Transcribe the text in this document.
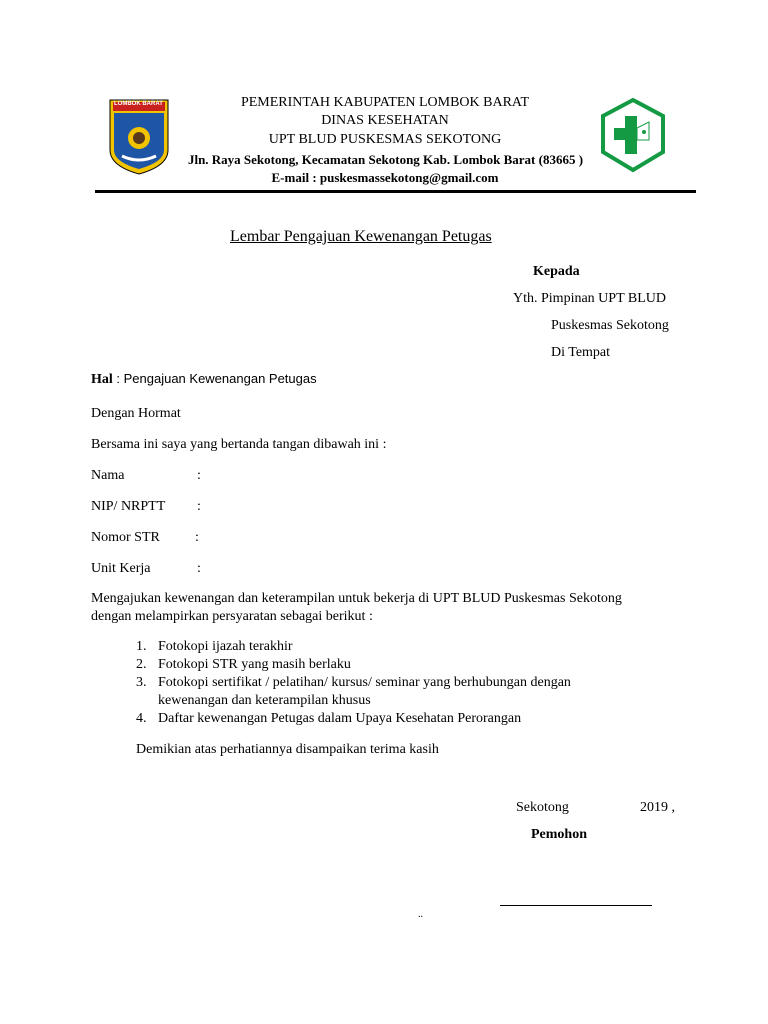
LOMBOK BARAT	PEMERINTAH KABUPATEN LOMBOK BARAT
DINAS KESEHATAN
UPT BLUD PUSKESMAS SEKOTONG
Jln. Raya Sekotong, Kecamatan Sekotong Kab. Lombok Barat (83665 )
E-mail : puskesmassekotong@gmail.com
Lembar Pengajuan Kewenangan Petugas
Kepada
Yth. Pimpinan UPT BLUD
Puskesmas Sekotong
Di Tempat
Hal : Pengajuan Kewenangan Petugas
Dengan Hormat
Bersama ini saya yang bertanda tangan dibawah ini :
Nama	:
NIP/ NRPTT :
Nomor STR	:
Unit Kerja	:
Mengajukan kewenangan dan keterampilan untuk bekerja di UPT BLUD Puskesmas Sekotong
dengan melampirkan persyaratan sebagai berikut :
1. Fotokopi ijazah terakhir
2. Fotokopi STR yang masih berlaku
3. Fotokopi sertifikat / pelatihan/ kursus/ seminar yang berhubungan dengan
kewenangan dan keterampilan khusus
4. Daftar kewenangan Petugas dalam Upaya Kesehatan Perorangan
Demikian atas perhatiannya disampaikan terima kasih
Sekotong	2019 ,
Pemohon
..
